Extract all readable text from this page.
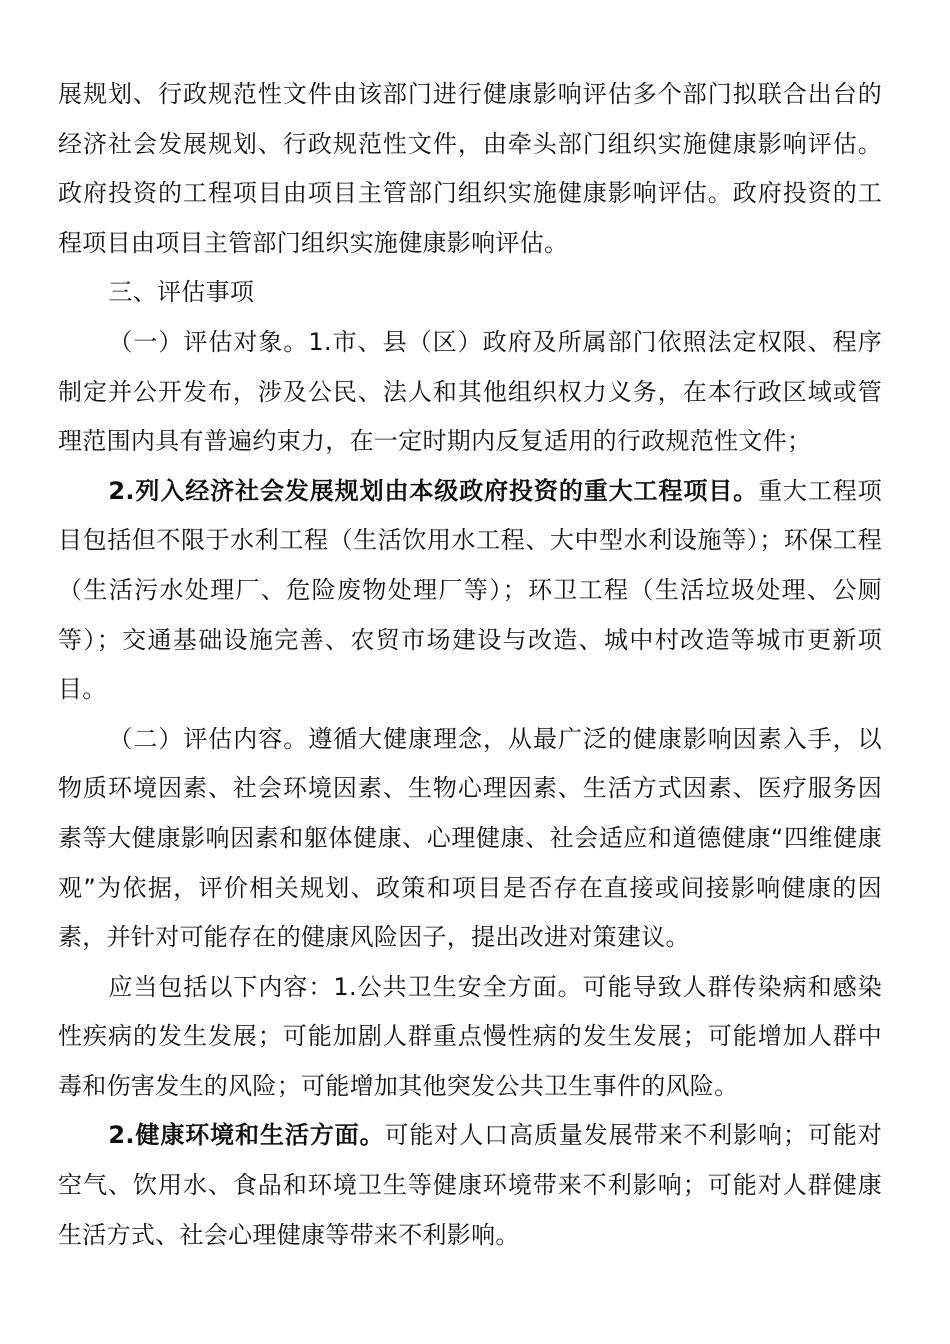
展规划、行政规范性文件由该部门进行健康影响评估多个部门拟联合出台的经济社会发展规划、行政规范性文件，由牵头部门组织实施健康影响评估。政府投资的工程项目由项目主管部门组织实施健康影响评估。政府投资的工程项目由项目主管部门组织实施健康影响评估。

三、评估事项

（一）评估对象。1.市、县（区）政府及所属部门依照法定权限、程序制定并公开发布，涉及公民、法人和其他组织权力义务，在本行政区域或管理范围内具有普遍约束力，在一定时期内反复适用的行政规范性文件；

2.列入经济社会发展规划由本级政府投资的重大工程项目。重大工程项目包括但不限于水利工程（生活饮用水工程、大中型水利设施等）；环保工程（生活污水处理厂、危险废物处理厂等）；环卫工程（生活垃圾处理、公厕等）；交通基础设施完善、农贸市场建设与改造、城中村改造等城市更新项目。

（二）评估内容。遵循大健康理念，从最广泛的健康影响因素入手，以物质环境因素、社会环境因素、生物心理因素、生活方式因素、医疗服务因素等大健康影响因素和躯体健康、心理健康、社会适应和道德健康“四维健康观”为依据，评价相关规划、政策和项目是否存在直接或间接影响健康的因素，并针对可能存在的健康风险因子，提出改进对策建议。

应当包括以下内容：1.公共卫生安全方面。可能导致人群传染病和感染性疾病的发生发展；可能加剧人群重点慢性病的发生发展；可能增加人群中毒和伤害发生的风险；可能增加其他突发公共卫生事件的风险。

2.健康环境和生活方面。可能对人口高质量发展带来不利影响；可能对空气、饮用水、食品和环境卫生等健康环境带来不利影响；可能对人群健康生活方式、社会心理健康等带来不利影响。
